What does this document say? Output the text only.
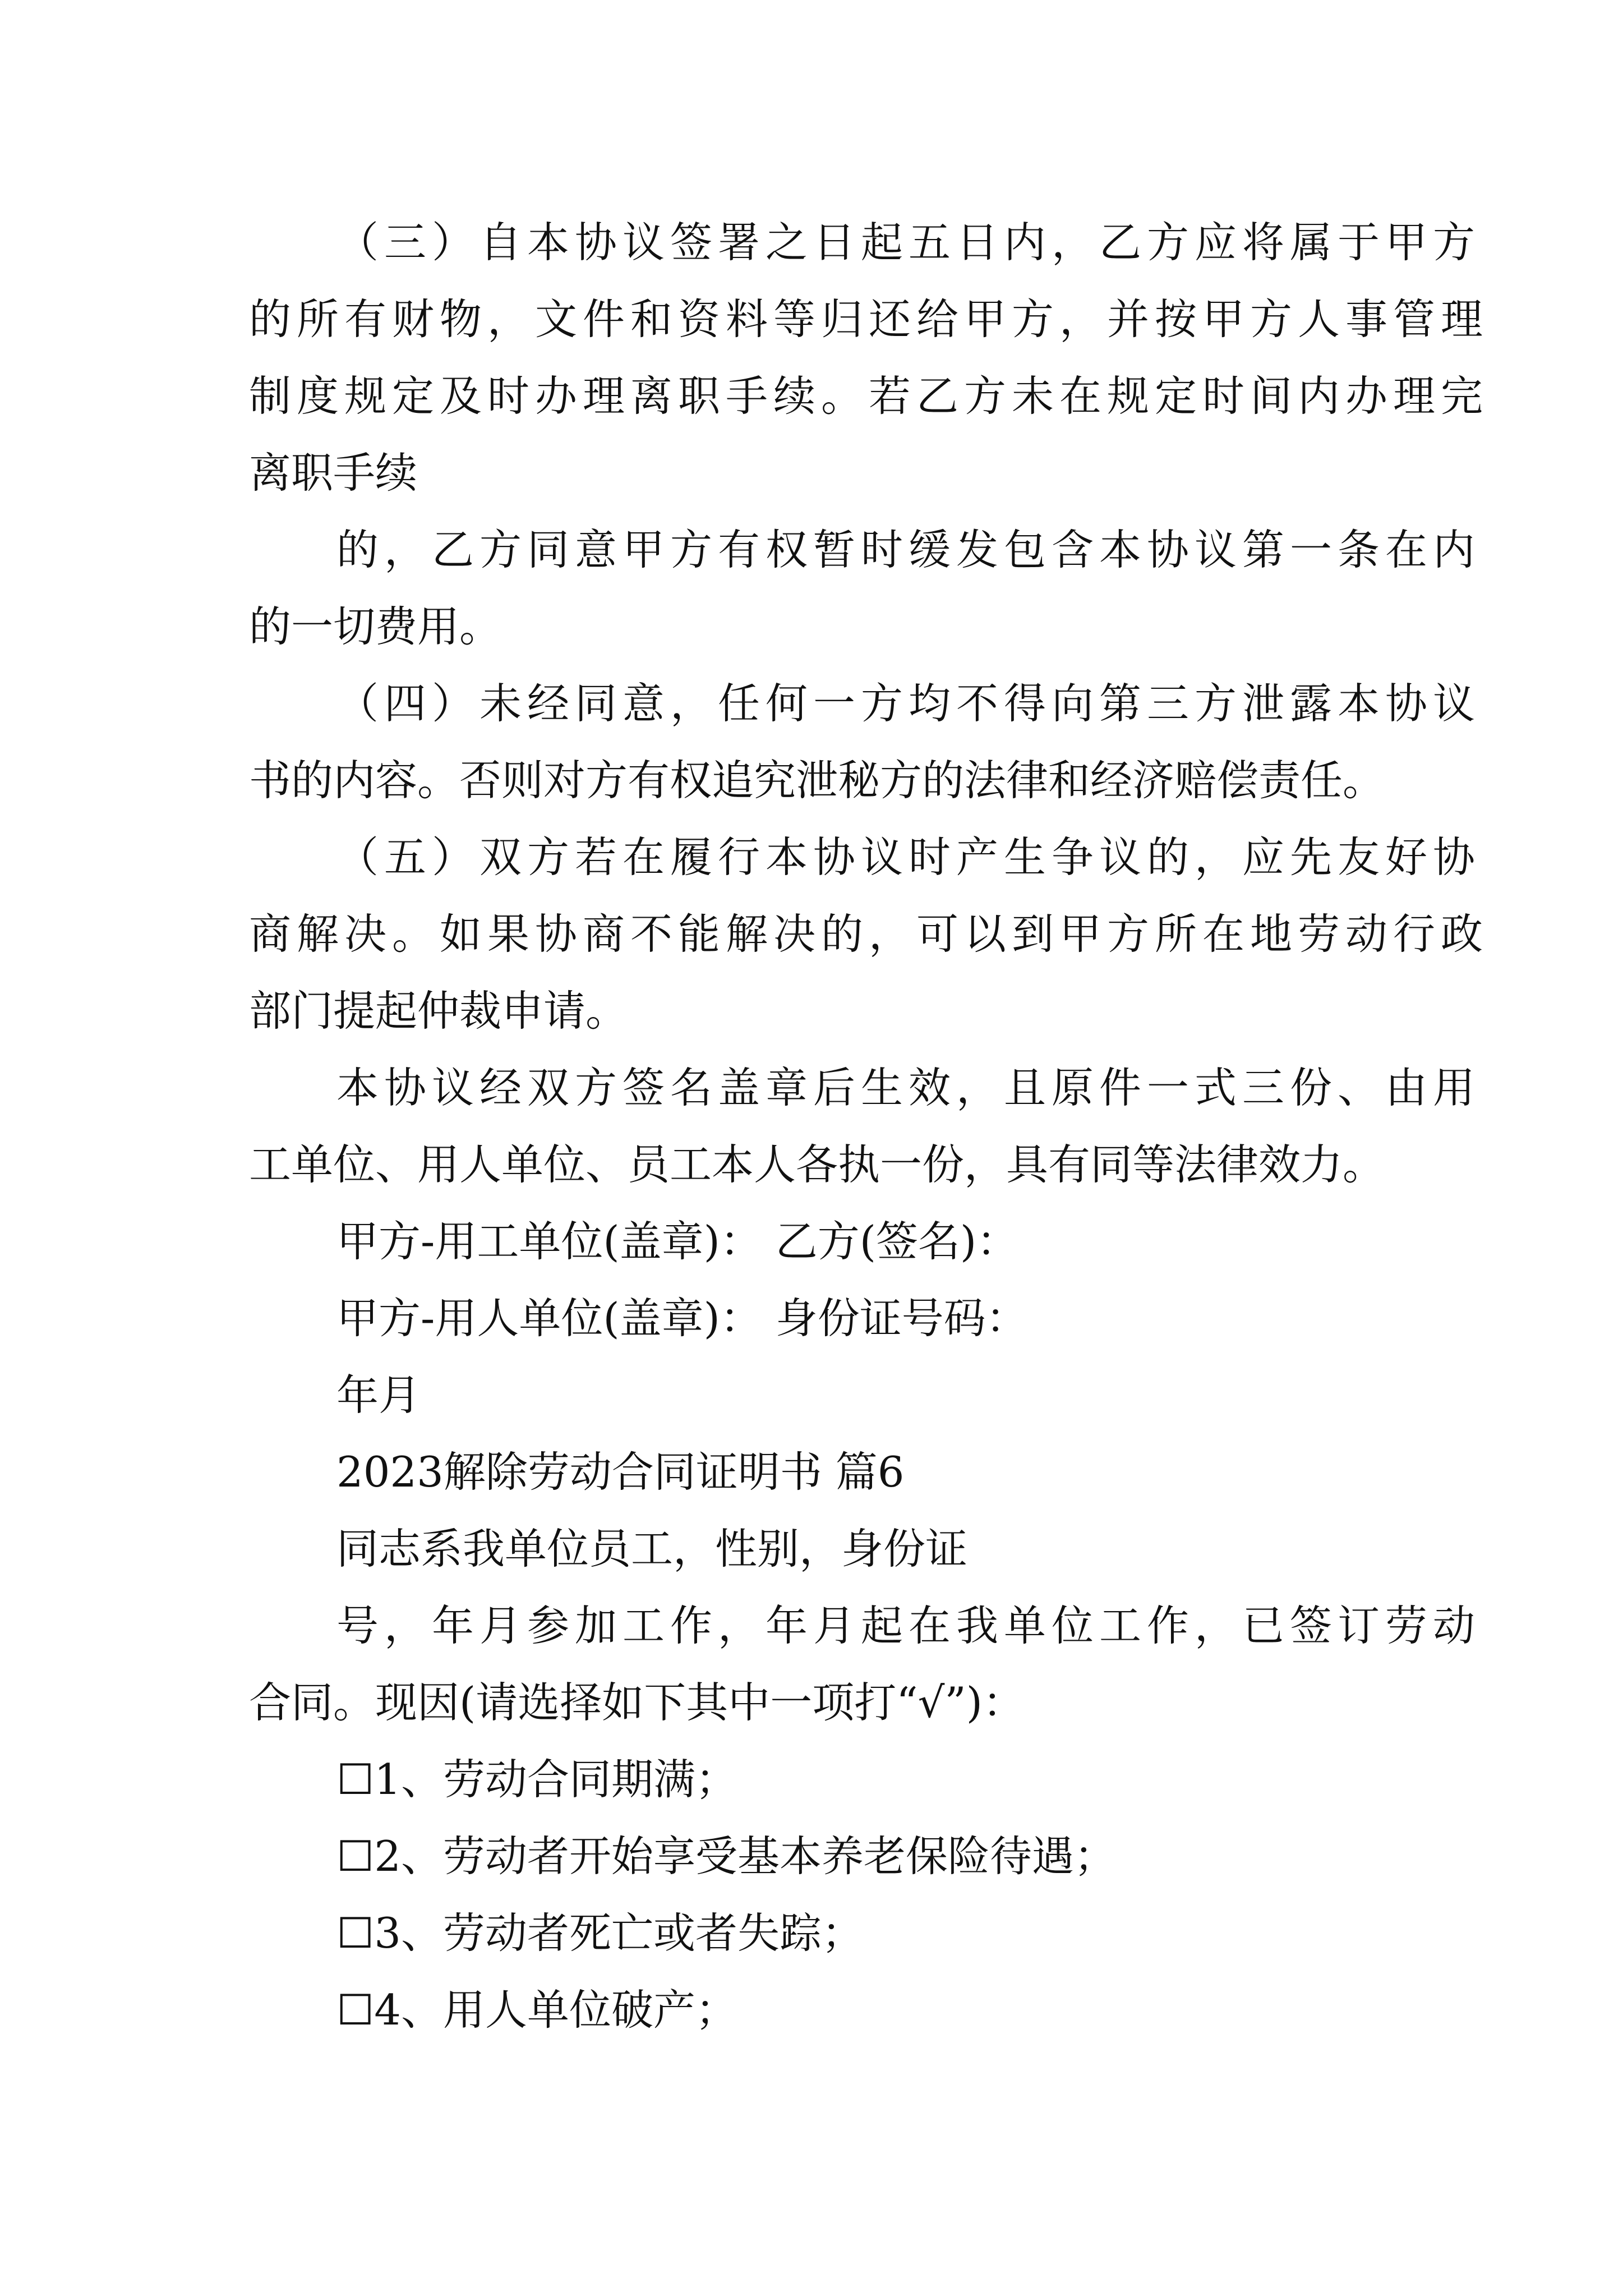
（三）自本协议签署之日起五日内，乙方应将属于甲方
的所有财物，文件和资料等归还给甲方，并按甲方人事管理
制度规定及时办理离职手续。若乙方未在规定时间内办理完
离职手续
的，乙方同意甲方有权暂时缓发包含本协议第一条在内
的一切费用。
（四）未经同意，任何一方均不得向第三方泄露本协议
书的内容。否则对方有权追究泄秘方的法律和经济赔偿责任。
（五）双方若在履行本协议时产生争议的，应先友好协
商解决。如果协商不能解决的，可以到甲方所在地劳动行政
部门提起仲裁申请。
本协议经双方签名盖章后生效，且原件一式三份、由用
工单位、用人单位、员工本人各执一份，具有同等法律效力。
甲方-用工单位(盖章)： 乙方(签名)：
甲方-用人单位(盖章)： 身份证号码：
年月
2023解除劳动合同证明书 篇6
同志系我单位员工，性别，身份证
号，年月参加工作，年月起在我单位工作，已签订劳动
合同。现因(请选择如下其中一项打“√”)：
☐1、劳动合同期满；
☐2、劳动者开始享受基本养老保险待遇；
☐3、劳动者死亡或者失踪；
☐4、用人单位破产；
